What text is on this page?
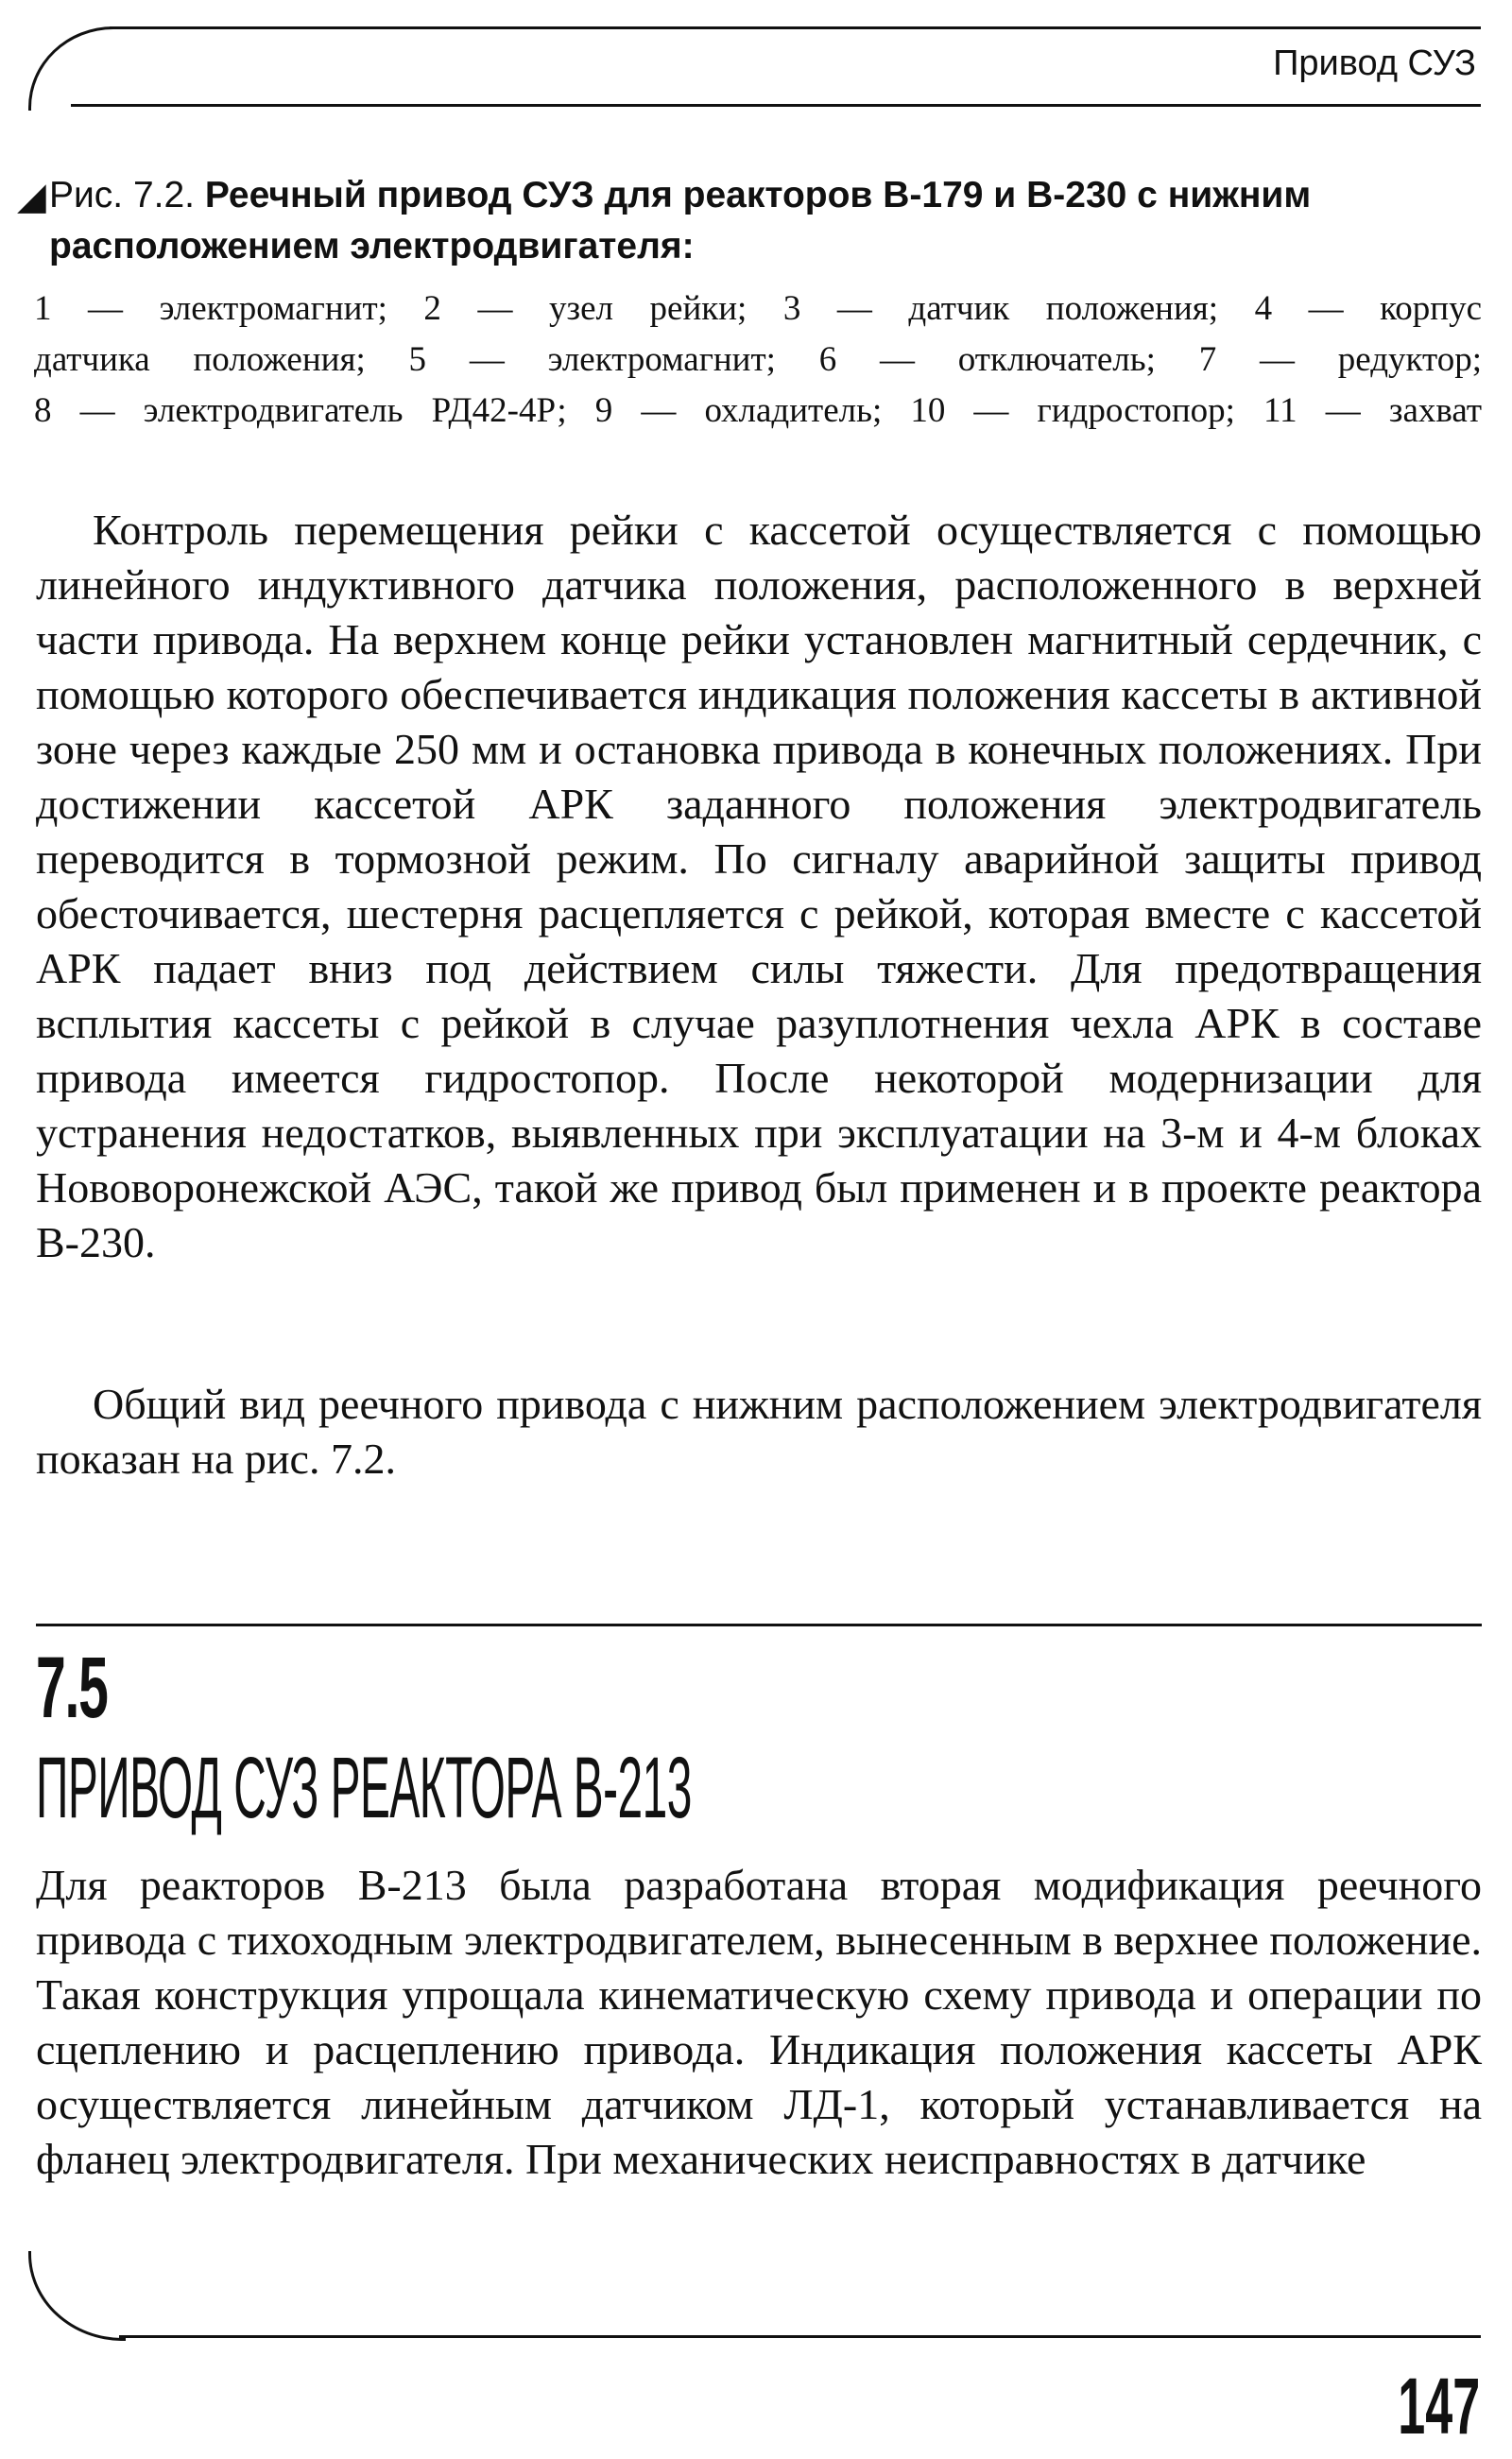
Привод СУЗ
◢ Рис. 7.2. Реечный привод СУЗ для реакторов В-179 и В-230 с нижним расположением электродвигателя:
1 — электромагнит; 2 — узел рейки; 3 — датчик положения; 4 — корпус
датчика положения; 5 — электромагнит; 6 — отключатель; 7 — редуктор;
8 — электродвигатель РД42-4Р; 9 — охладитель; 10 — гидростопор; 11 — захват

Контроль перемещения рейки с кассетой осуществляется с помощью линейного индуктивного датчика положения, расположенного в верхней части привода. На верхнем конце рейки установлен магнитный сердечник, с помощью которого обеспечивается индикация положения кассеты в активной зоне через каждые 250 мм и остановка привода в конечных положениях. При достижении кассетой АРК заданного положения электродвигатель переводится в тормозной режим. По сигналу аварийной защиты привод обесточивается, шестерня расцепляется с рейкой, которая вместе с кассетой АРК падает вниз под действием силы тяжести. Для предотвращения всплытия кассеты с рейкой в случае разуплотнения чехла АРК в составе привода имеется гидростопор. После некоторой модернизации для устранения недостатков, выявленных при эксплуатации на 3-м и 4-м блоках Нововоронежской АЭС, такой же привод был применен и в проекте реактора В-230.

Общий вид реечного привода с нижним расположением электродвигателя показан на рис. 7.2.

7.5
ПРИВОД СУЗ РЕАКТОРА В-213

Для реакторов В-213 была разработана вторая модификация реечного привода с тихоходным электродвигателем, вынесенным в верхнее положение. Такая конструкция упрощала кинематическую схему привода и операции по сцеплению и расцеплению привода. Индикация положения кассеты АРК осуществляется линейным датчиком ЛД-1, который устанавливается на фланец электродвигателя. При механических неисправностях в датчике

147
